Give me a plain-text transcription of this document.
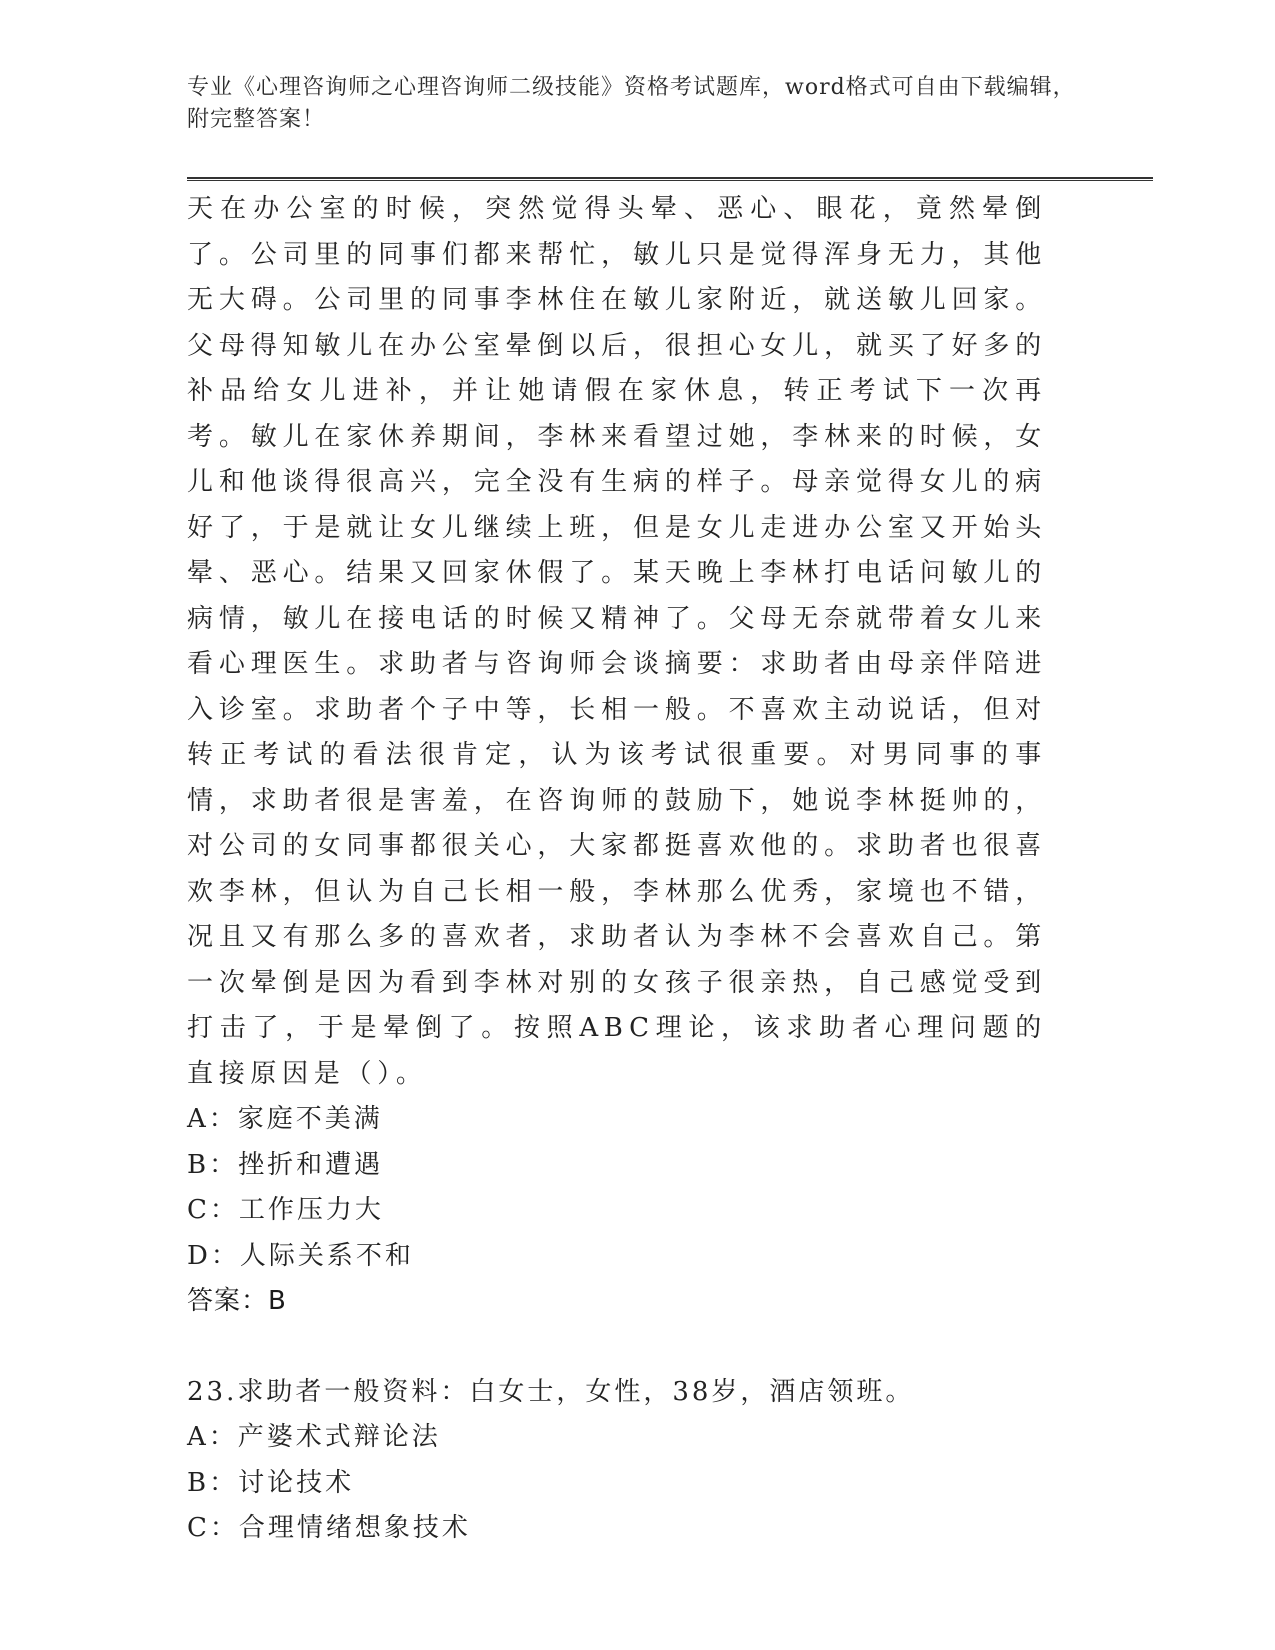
专业《心理咨询师之心理咨询师二级技能》资格考试题库，word格式可自由下载编辑，附完整答案！

天在办公室的时候，突然觉得头晕、恶心、眼花，竟然晕倒了。公司里的同事们都来帮忙，敏儿只是觉得浑身无力，其他无大碍。公司里的同事李林住在敏儿家附近，就送敏儿回家。父母得知敏儿在办公室晕倒以后，很担心女儿，就买了好多的补品给女儿进补，并让她请假在家休息，转正考试下一次再考。敏儿在家休养期间，李林来看望过她，李林来的时候，女儿和他谈得很高兴，完全没有生病的样子。母亲觉得女儿的病好了，于是就让女儿继续上班，但是女儿走进办公室又开始头晕、恶心。结果又回家休假了。某天晚上李林打电话问敏儿的病情，敏儿在接电话的时候又精神了。父母无奈就带着女儿来看心理医生。求助者与咨询师会谈摘要：求助者由母亲伴陪进入诊室。求助者个子中等，长相一般。不喜欢主动说话，但对转正考试的看法很肯定，认为该考试很重要。对男同事的事情，求助者很是害羞，在咨询师的鼓励下，她说李林挺帅的，对公司的女同事都很关心，大家都挺喜欢他的。求助者也很喜欢李林，但认为自己长相一般，李林那么优秀，家境也不错，况且又有那么多的喜欢者，求助者认为李林不会喜欢自己。第一次晕倒是因为看到李林对别的女孩子很亲热，自己感觉受到打击了，于是晕倒了。按照ABC理论，该求助者心理问题的直接原因是（）。

A：家庭不美满

B：挫折和遭遇

C：工作压力大

D：人际关系不和

答案：B

23.求助者一般资料：白女士，女性，38岁，酒店领班。

A：产婆术式辩论法

B：讨论技术

C：合理情绪想象技术
